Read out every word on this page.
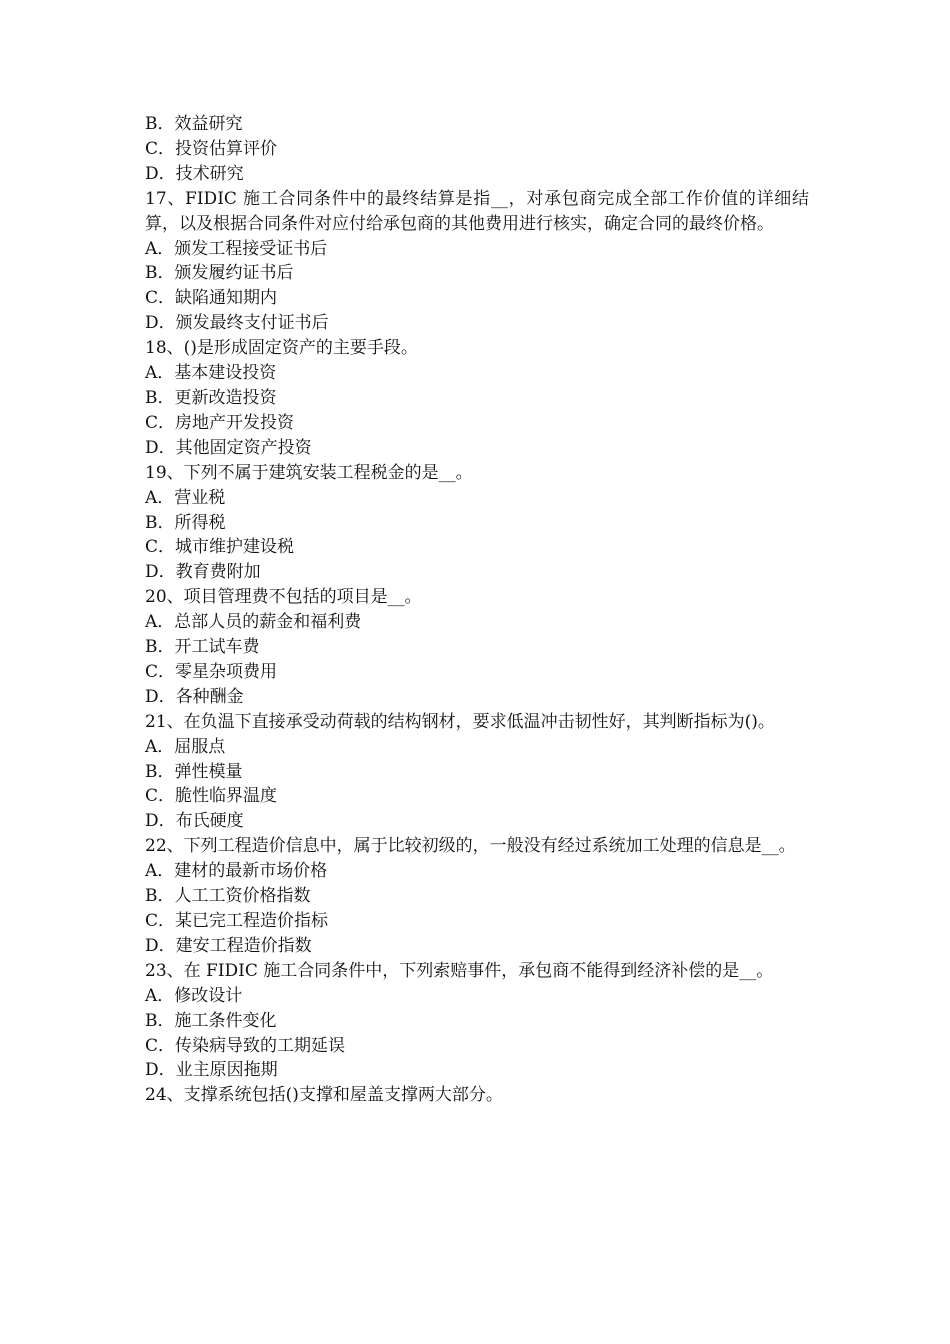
B．效益研究
C．投资估算评价
D．技术研究
17、FIDIC 施工合同条件中的最终结算是指__，对承包商完成全部工作价值的详细结算，以及根据合同条件对应付给承包商的其他费用进行核实，确定合同的最终价格。
A．颁发工程接受证书后
B．颁发履约证书后
C．缺陷通知期内
D．颁发最终支付证书后
18、()是形成固定资产的主要手段。
A．基本建设投资
B．更新改造投资
C．房地产开发投资
D．其他固定资产投资
19、下列不属于建筑安装工程税金的是__。
A．营业税
B．所得税
C．城市维护建设税
D．教育费附加
20、项目管理费不包括的项目是__。
A．总部人员的薪金和福利费
B．开工试车费
C．零星杂项费用
D．各种酬金
21、在负温下直接承受动荷载的结构钢材，要求低温冲击韧性好，其判断指标为()。
A．屈服点
B．弹性模量
C．脆性临界温度
D．布氏硬度
22、下列工程造价信息中，属于比较初级的，一般没有经过系统加工处理的信息是__。
A．建材的最新市场价格
B．人工工资价格指数
C．某已完工程造价指标
D．建安工程造价指数
23、在 FIDIC 施工合同条件中，下列索赔事件，承包商不能得到经济补偿的是__。
A．修改设计
B．施工条件变化
C．传染病导致的工期延误
D．业主原因拖期
24、支撑系统包括()支撑和屋盖支撑两大部分。
